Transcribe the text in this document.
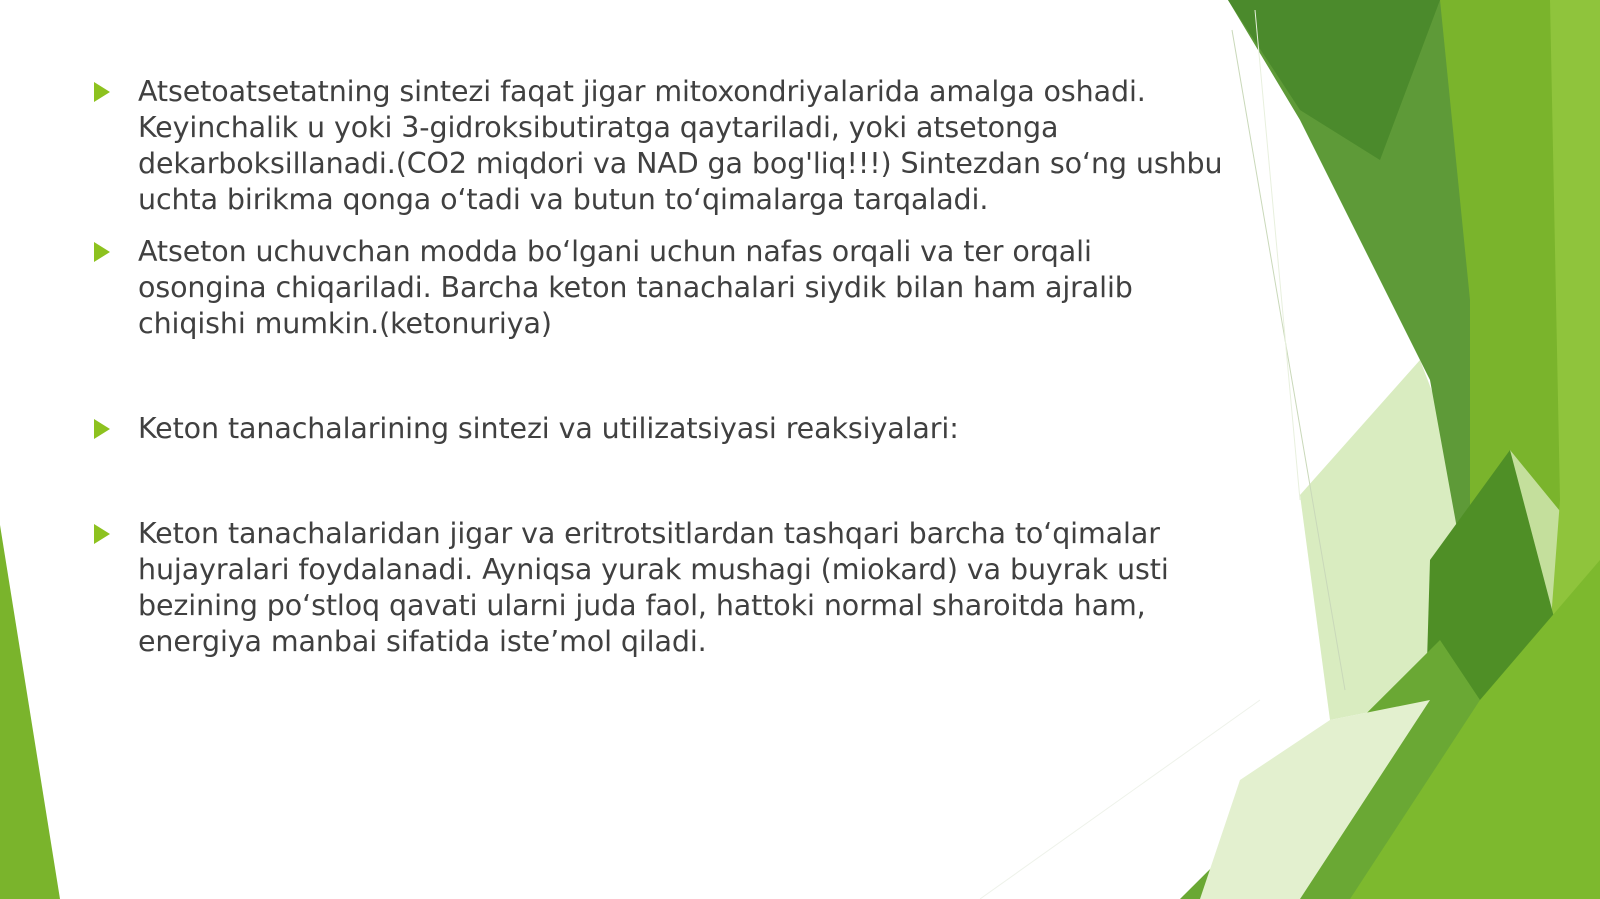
Atsetoatsetatning sintezi faqat jigar mitoxondriyalarida amalga oshadi.
Keyinchalik u yoki 3-gidroksibutiratga qaytariladi, yoki atsetonga
dekarboksillanadi.(CO2 miqdori va NAD ga bog'liq!!!) Sintezdan so‘ng ushbu
uchta birikma qonga o‘tadi va butun to‘qimalarga tarqaladi.
Atseton uchuvchan modda bo‘lgani uchun nafas orqali va ter orqali
osongina chiqariladi. Barcha keton tanachalari siydik bilan ham ajralib
chiqishi mumkin.(ketonuriya)
Keton tanachalarining sintezi va utilizatsiyasi reaksiyalari:
Keton tanachalaridan jigar va eritrotsitlardan tashqari barcha to‘qimalar
hujayralari foydalanadi. Ayniqsa yurak mushagi (miokard) va buyrak usti
bezining po‘stloq qavati ularni juda faol, hattoki normal sharoitda ham,
energiya manbai sifatida iste’mol qiladi.
